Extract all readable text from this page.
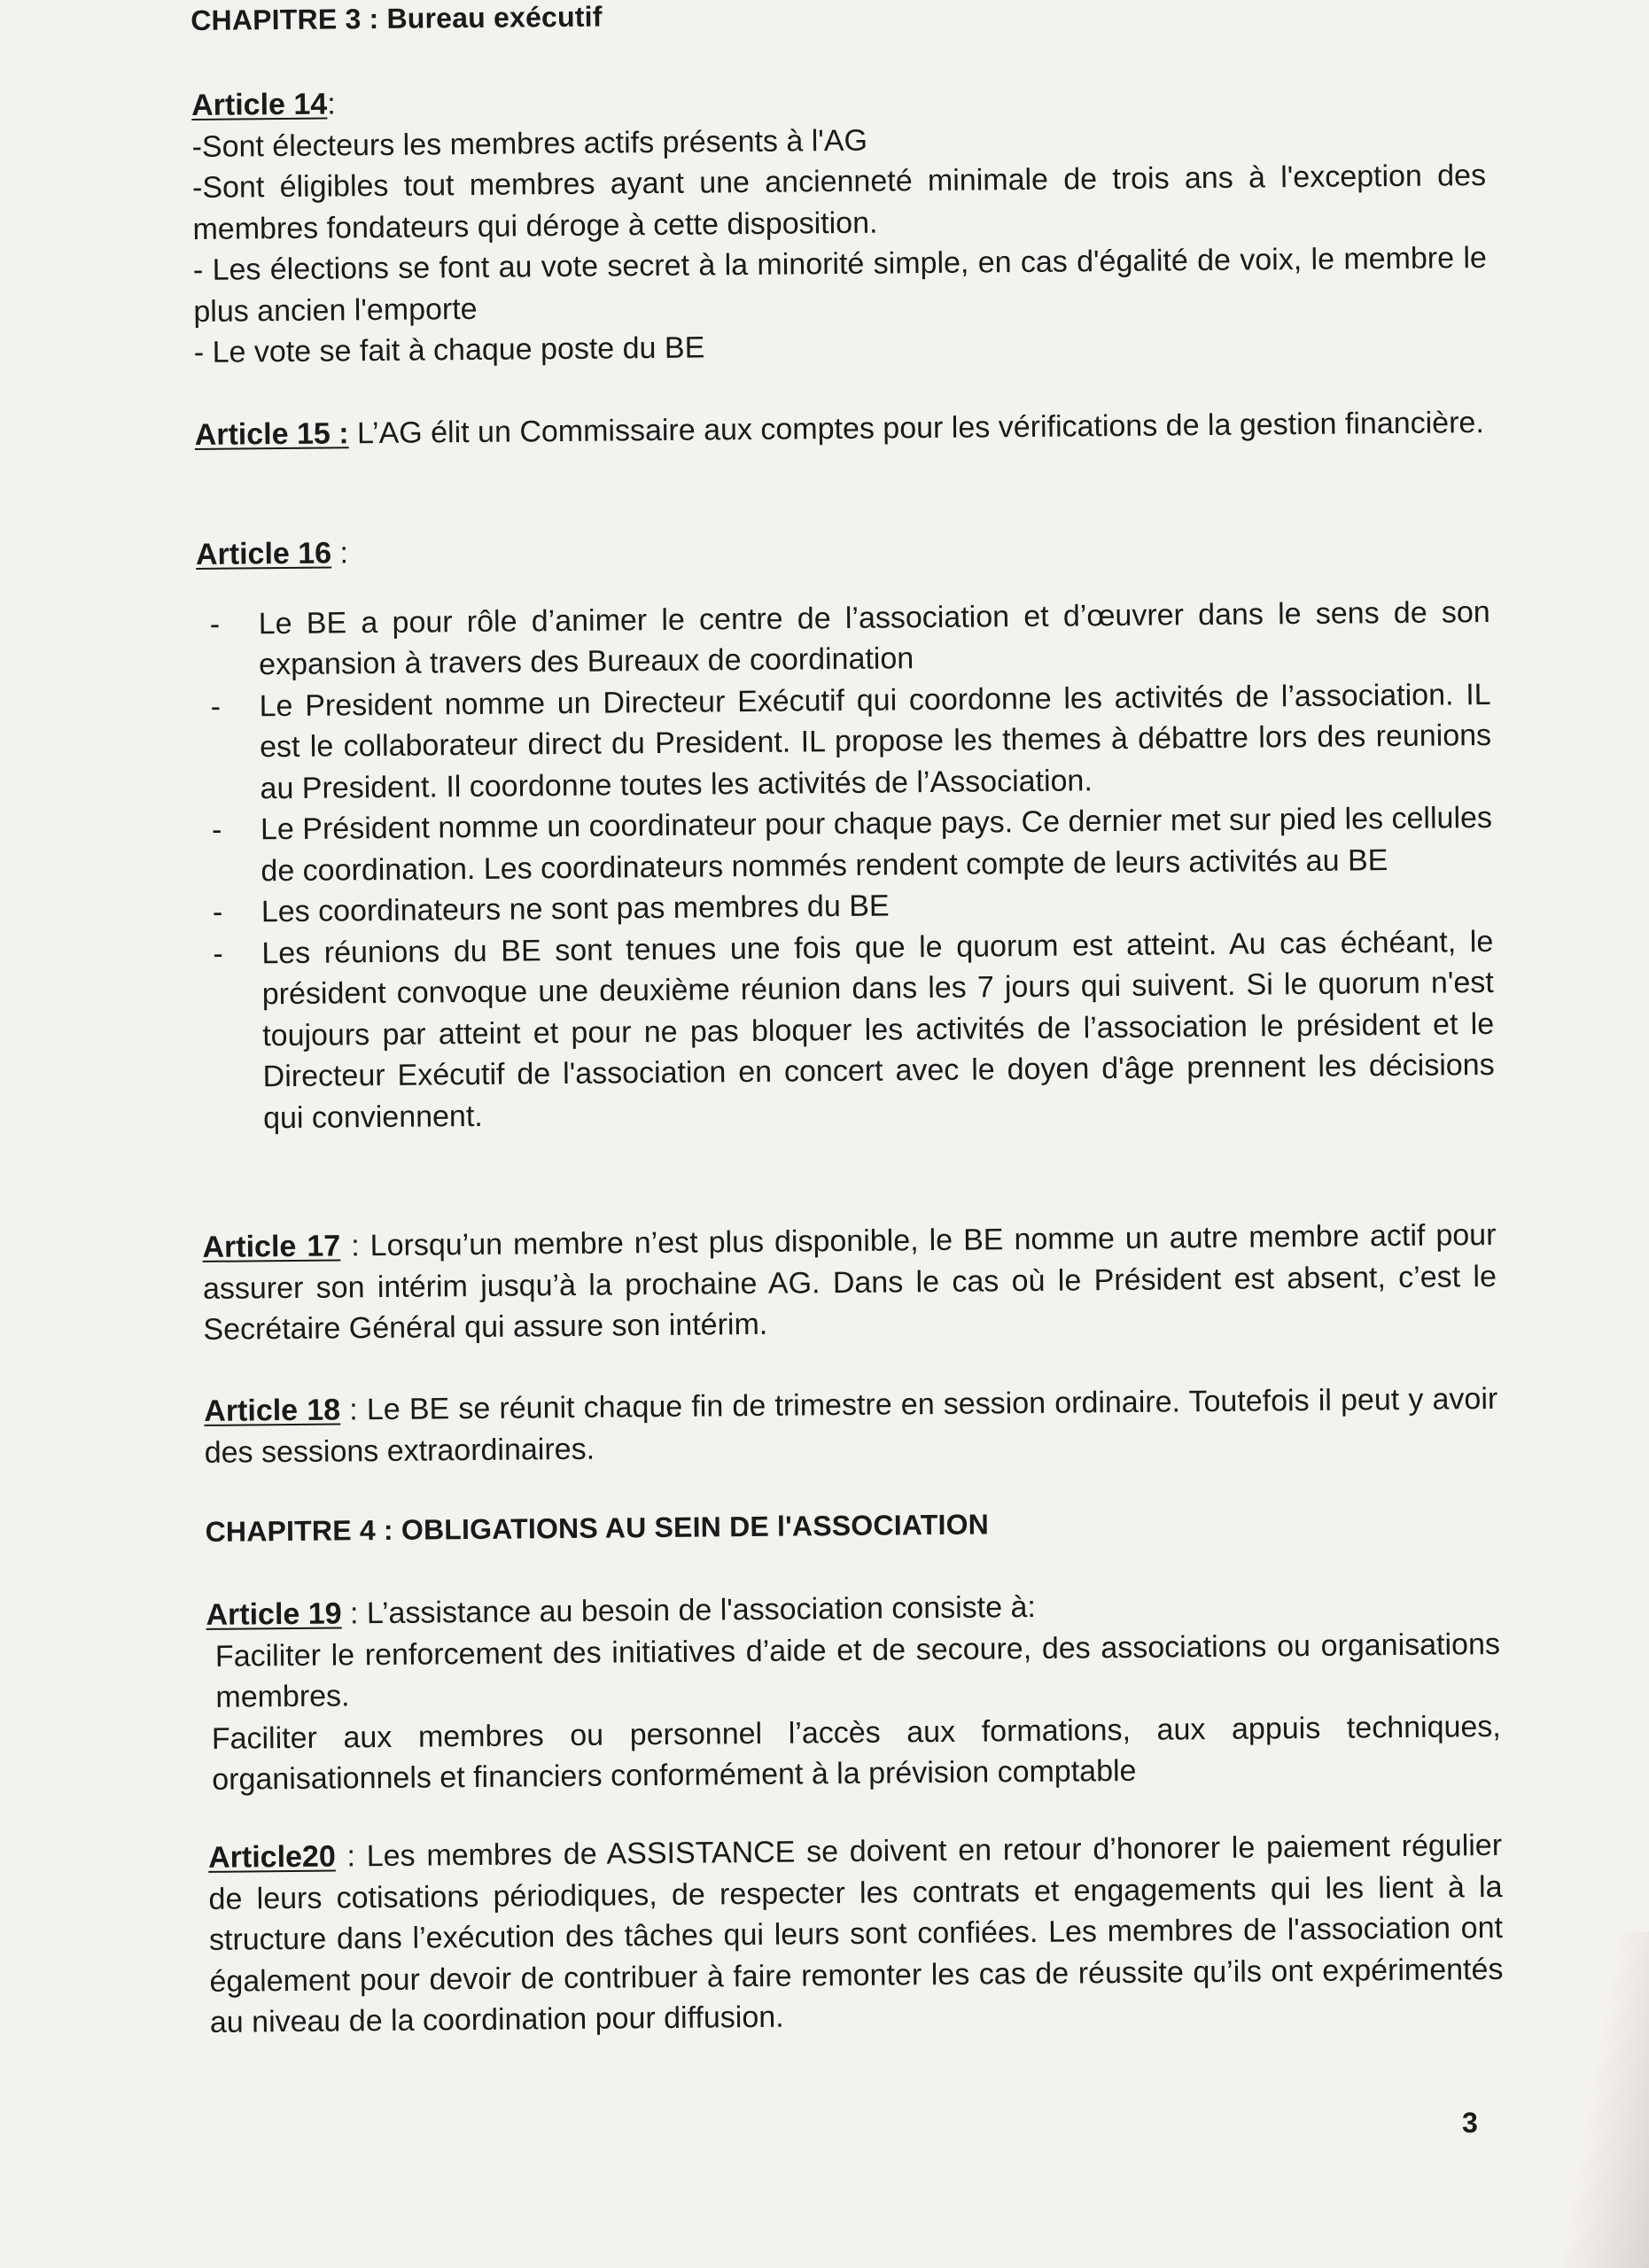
CHAPITRE 3 : Bureau exécutif
Article 14:
-Sont électeurs les membres actifs présents à l'AG
-Sont éligibles tout membres ayant une ancienneté minimale de trois ans à l'exception des membres fondateurs qui déroge à cette disposition.
- Les élections se font au vote secret à la minorité simple, en cas d'égalité de voix, le membre le plus ancien l'emporte
- Le vote se fait à chaque poste du BE
Article 15 : L’AG élit un Commissaire aux comptes pour les vérifications de la gestion financière.
Article 16 :
- Le BE a pour rôle d’animer le centre de l’association et d’œuvrer dans le sens de son expansion à travers des Bureaux de coordination
- Le President nomme un Directeur Exécutif qui coordonne les activités de l’association. IL est le collaborateur direct du President. IL propose les themes à débattre lors des reunions au President. Il coordonne toutes les activités de l’Association.
- Le Président nomme un coordinateur pour chaque pays. Ce dernier met sur pied les cellules de coordination. Les coordinateurs nommés rendent compte de leurs activités au BE
- Les coordinateurs ne sont pas membres du BE
- Les réunions du BE sont tenues une fois que le quorum est atteint. Au cas échéant, le président convoque une deuxième réunion dans les 7 jours qui suivent. Si le quorum n'est toujours par atteint et pour ne pas bloquer les activités de l’association le président et le Directeur Exécutif de l'association en concert avec le doyen d'âge prennent les décisions qui conviennent.
Article 17 : Lorsqu’un membre n’est plus disponible, le BE nomme un autre membre actif pour assurer son intérim jusqu’à la prochaine AG. Dans le cas où le Président est absent, c’est le Secrétaire Général qui assure son intérim.
Article 18 : Le BE se réunit chaque fin de trimestre en session ordinaire. Toutefois il peut y avoir des sessions extraordinaires.
CHAPITRE 4 : OBLIGATIONS AU SEIN DE l'ASSOCIATION
Article 19 : L’assistance au besoin de l'association consiste à:
Faciliter le renforcement des initiatives d’aide et de secoure, des associations ou organisations membres.
Faciliter aux membres ou personnel l’accès aux formations, aux appuis techniques, organisationnels et financiers conformément à la prévision comptable
Article20 : Les membres de ASSISTANCE se doivent en retour d’honorer le paiement régulier de leurs cotisations périodiques, de respecter les contrats et engagements qui les lient à la structure dans l’exécution des tâches qui leurs sont confiées. Les membres de l'association ont également pour devoir de contribuer à faire remonter les cas de réussite qu’ils ont expérimentés au niveau de la coordination pour diffusion.
3
